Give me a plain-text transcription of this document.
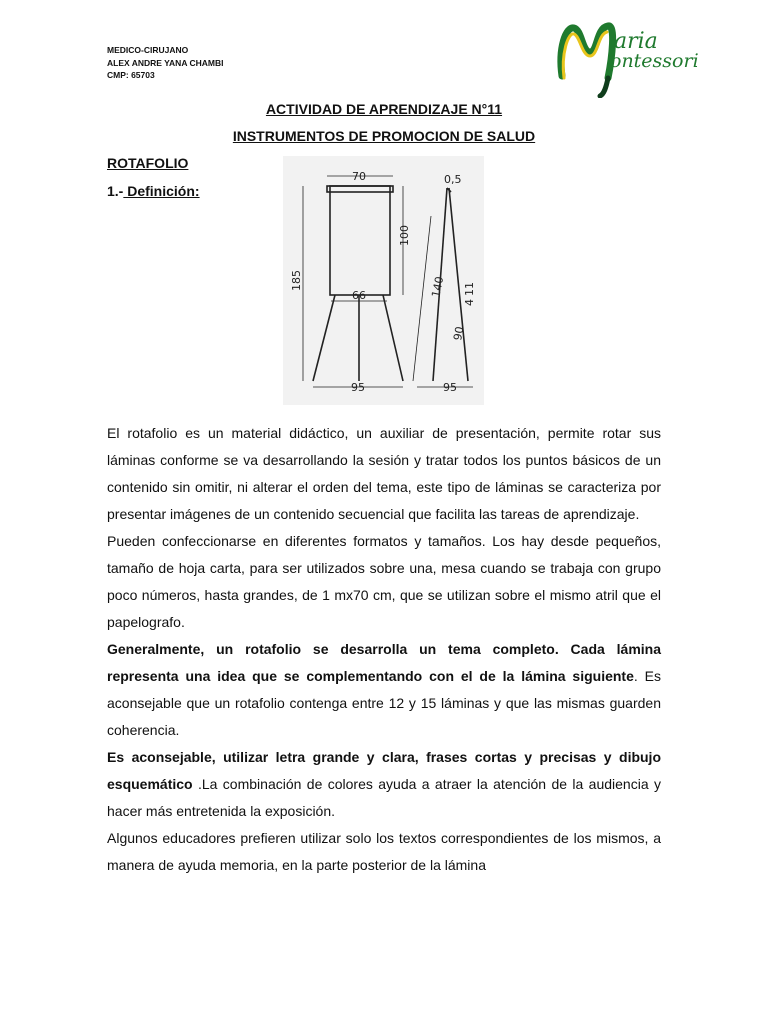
MEDICO-CIRUJANO
ALEX ANDRE YANA CHAMBI
CMP: 65703
aria
ontessori
ACTIVIDAD DE APRENDIZAJE N°11
INSTRUMENTOS DE PROMOCION DE SALUD
ROTAFOLIO
1.- Definición:
70
100
185
66
95
0,5
140
90
4
11
95

El rotafolio es un material didáctico, un auxiliar de presentación, permite rotar sus láminas conforme se va desarrollando la sesión y tratar todos los puntos básicos de un contenido sin omitir, ni alterar el orden del tema, este tipo de láminas se caracteriza por presentar imágenes de un contenido secuencial que facilita las tareas de aprendizaje.

Pueden confeccionarse en diferentes formatos y tamaños. Los hay desde pequeños, tamaño de hoja carta, para ser utilizados sobre una, mesa cuando se trabaja con grupo poco números, hasta grandes, de 1 mx70 cm, que se utilizan sobre el mismo atril que el papelografo.

Generalmente, un rotafolio se desarrolla un tema completo. Cada lámina representa una idea que se complementando con el de la lámina siguiente. Es aconsejable que un rotafolio contenga entre 12 y 15 láminas y que las mismas guarden coherencia.

Es aconsejable, utilizar letra grande y clara, frases cortas y precisas y dibujo esquemático .La combinación de colores ayuda a atraer la atención de la audiencia y hacer más entretenida la exposición.

Algunos educadores prefieren utilizar solo los textos correspondientes de los mismos, a manera de ayuda memoria, en la parte posterior de la lámina
